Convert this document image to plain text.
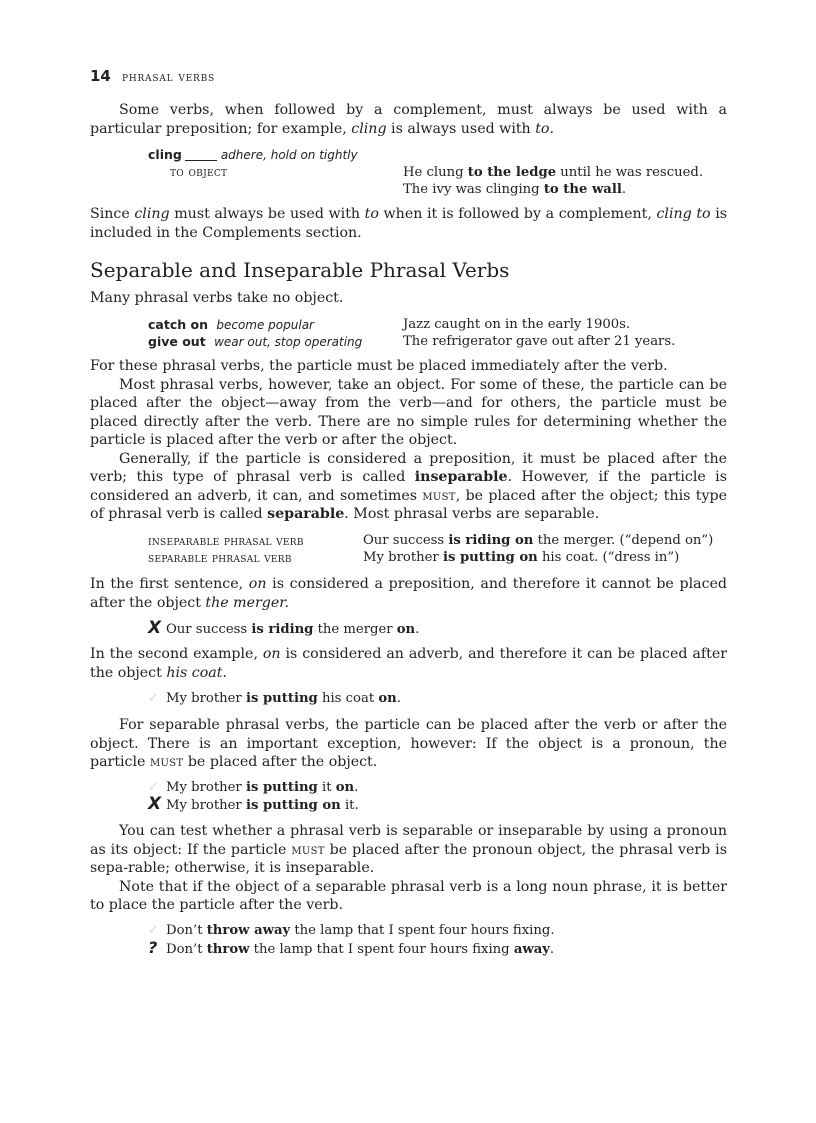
14 phrasal verbs

Some verbs, when followed by a complement, must always be used with a particular preposition; for example, cling is always used with to.

cling	adhere, hold on tightly
to object	He clung to the ledge until he was rescued.
The ivy was clinging to the wall.

Since cling must always be used with to when it is followed by a complement, cling to is included in the Complements section.

Separable and Inseparable Phrasal Verbs

Many phrasal verbs take no object.

catch on become popular	Jazz caught on in the early 1900s.
give out wear out, stop operating	The refrigerator gave out after 21 years.

For these phrasal verbs, the particle must be placed immediately after the verb.

Most phrasal verbs, however, take an object. For some of these, the particle can be placed after the object—away from the verb—and for others, the particle must be placed directly after the verb. There are no simple rules for determining whether the particle is placed after the verb or after the object.

Generally, if the particle is considered a preposition, it must be placed after the verb; this type of phrasal verb is called inseparable. However, if the particle is considered an adverb, it can, and sometimes must, be placed after the object; this type of phrasal verb is called separable. Most phrasal verbs are separable.

inseparable phrasal verb	Our success is riding on the merger. (“depend on”)
separable phrasal verb	My brother is putting on his coat. (“dress in”)

In the first sentence, on is considered a preposition, and therefore it cannot be placed after the object the merger.

X Our success is riding the merger on.

In the second example, on is considered an adverb, and therefore it can be placed after the object his coat.

✓ My brother is putting his coat on.

For separable phrasal verbs, the particle can be placed after the verb or after the object. There is an important exception, however: If the object is a pronoun, the particle must be placed after the object.

✓ My brother is putting it on.
X My brother is putting on it.

You can test whether a phrasal verb is separable or inseparable by using a pronoun as its object: If the particle must be placed after the pronoun object, the phrasal verb is sepa-rable; otherwise, it is inseparable.

Note that if the object of a separable phrasal verb is a long noun phrase, it is better to place the particle after the verb.

✓ Don’t throw away the lamp that I spent four hours fixing.
? Don’t throw the lamp that I spent four hours fixing away.
